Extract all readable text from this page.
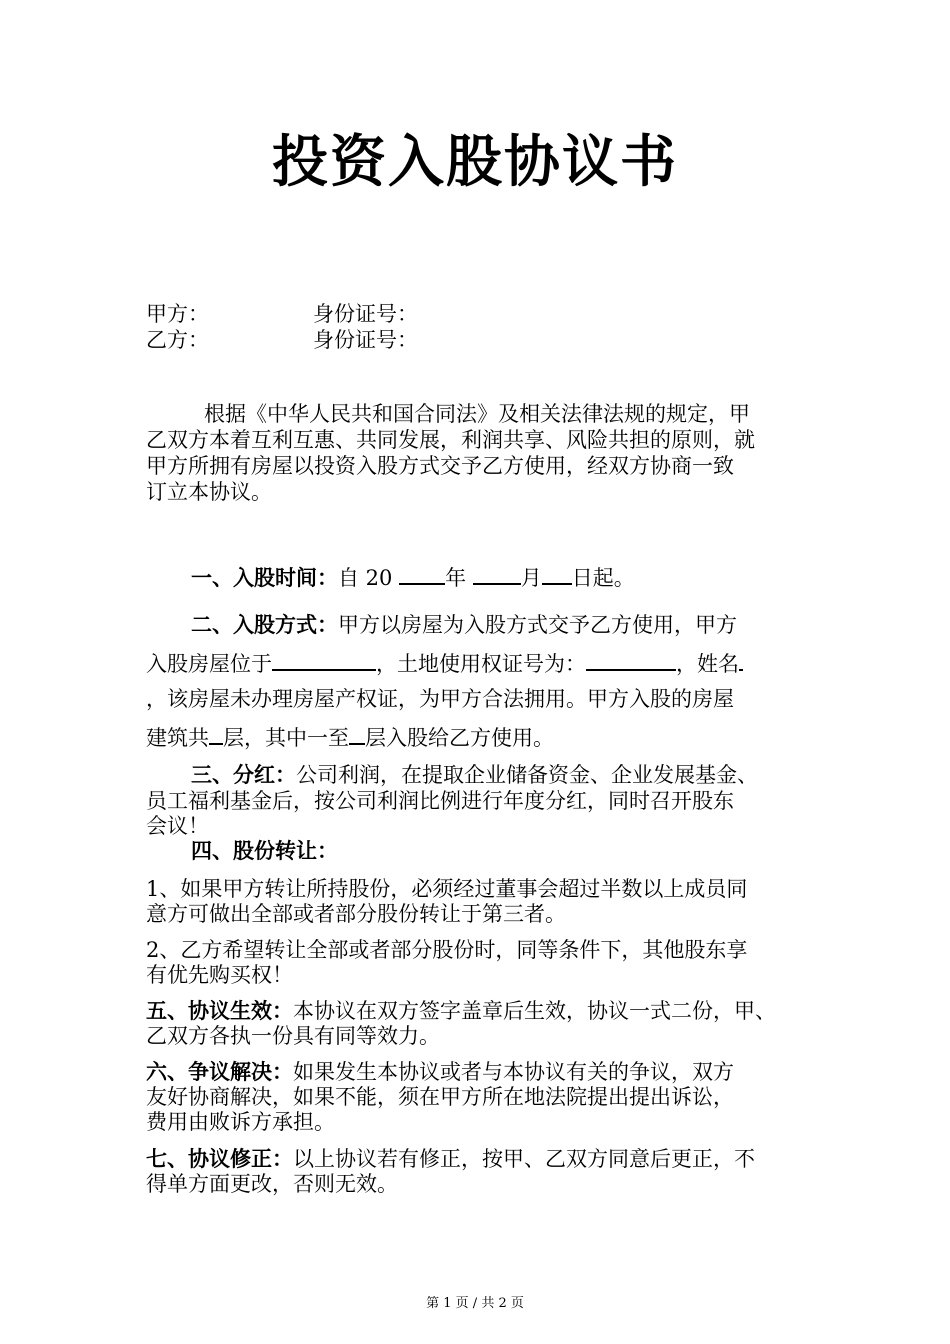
投资入股协议书
甲方：	身份证号：
乙方：	身份证号：
根据《中华人民共和国合同法》及相关法律法规的规定，甲
乙双方本着互利互惠、共同发展，利润共享、风险共担的原则，就
甲方所拥有房屋以投资入股方式交予乙方使用，经双方协商一致
订立本协议。
一、入股时间：自 20	年	月 日起。
二、入股方式：甲方以房屋为入股方式交予乙方使用，甲方
入股房屋位于	，土地使用权证号为：	，姓名
，该房屋未办理房屋产权证，为甲方合法拥用。甲方入股的房屋
建筑共 层，其中一至 层入股给乙方使用。
三、分红：公司利润，在提取企业储备资金、企业发展基金、
员工福利基金后，按公司利润比例进行年度分红，同时召开股东
会议！
四、股份转让：
1、如果甲方转让所持股份，必须经过董事会超过半数以上成员同
意方可做出全部或者部分股份转让于第三者。
2、乙方希望转让全部或者部分股份时，同等条件下，其他股东享
有优先购买权！
五、协议生效：本协议在双方签字盖章后生效，协议一式二份，甲、
乙双方各执一份具有同等效力。
六、争议解决：如果发生本协议或者与本协议有关的争议，双方
友好协商解决，如果不能，须在甲方所在地法院提出提出诉讼，
费用由败诉方承担。
七、协议修正：以上协议若有修正，按甲、乙双方同意后更正，不
得单方面更改，否则无效。
第 1 页 / 共 2 页
